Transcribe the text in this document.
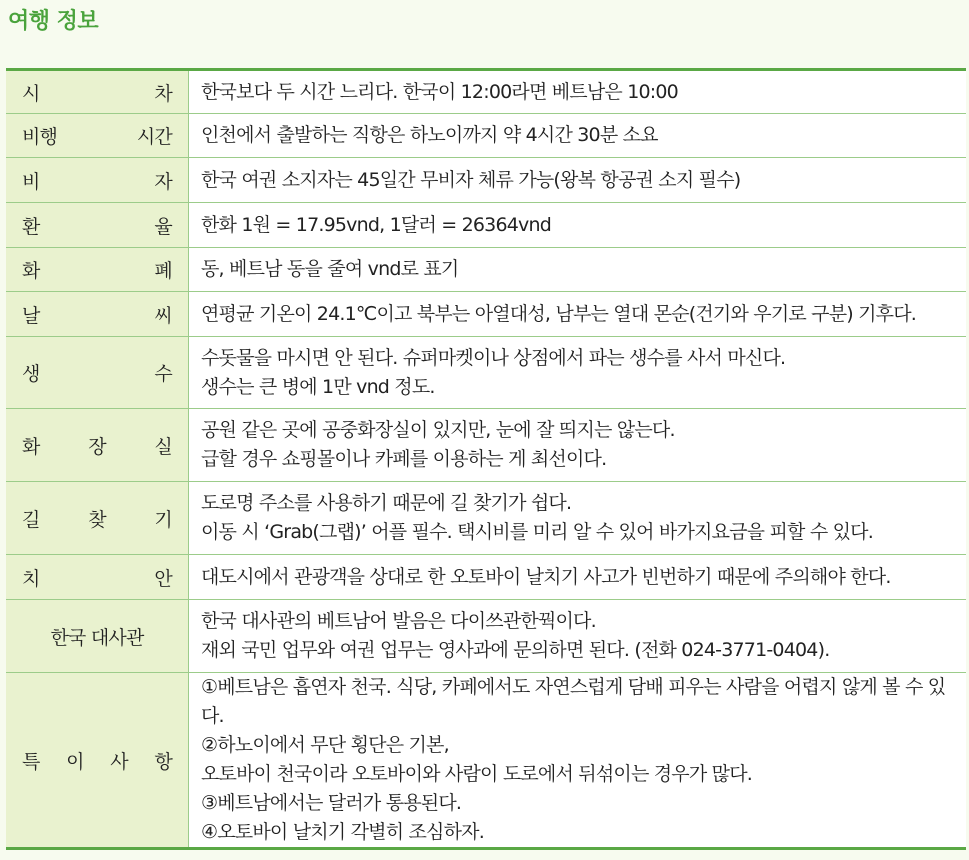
여행 정보
시 차	한국보다 두 시간 느리다. 한국이 12:00라면 베트남은 10:00
비행 시간	인천에서 출발하는 직항은 하노이까지 약 4시간 30분 소요
비 자	한국 여권 소지자는 45일간 무비자 체류 가능(왕복 항공권 소지 필수)
환 율	한화 1원 = 17.95vnd, 1달러 = 26364vnd
화 폐	동, 베트남 동을 줄여 vnd로 표기
날 씨	연평균 기온이 24.1℃이고 북부는 아열대성, 남부는 열대 몬순(건기와 우기로 구분) 기후다.
생 수	수돗물을 마시면 안 된다. 슈퍼마켓이나 상점에서 파는 생수를 사서 마신다.
생수는 큰 병에 1만 vnd 정도.
화 장 실	공원 같은 곳에 공중화장실이 있지만, 눈에 잘 띄지는 않는다.
급할 경우 쇼핑몰이나 카페를 이용하는 게 최선이다.
길 찾 기	도로명 주소를 사용하기 때문에 길 찾기가 쉽다.
이동 시 ‘Grab(그랩)’ 어플 필수. 택시비를 미리 알 수 있어 바가지요금을 피할 수 있다.
치 안	대도시에서 관광객을 상대로 한 오토바이 날치기 사고가 빈번하기 때문에 주의해야 한다.
한국 대사관	한국 대사관의 베트남어 발음은 다이쓰관한꿕이다.
재외 국민 업무와 여권 업무는 영사과에 문의하면 된다. (전화 024-3771-0404).
특 이 사 항	①베트남은 흡연자 천국. 식당, 카페에서도 자연스럽게 담배 피우는 사람을 어렵지 않게 볼 수 있다.
②하노이에서 무단 횡단은 기본,
오토바이 천국이라 오토바이와 사람이 도로에서 뒤섞이는 경우가 많다.
③베트남에서는 달러가 통용된다.
④오토바이 날치기 각별히 조심하자.
